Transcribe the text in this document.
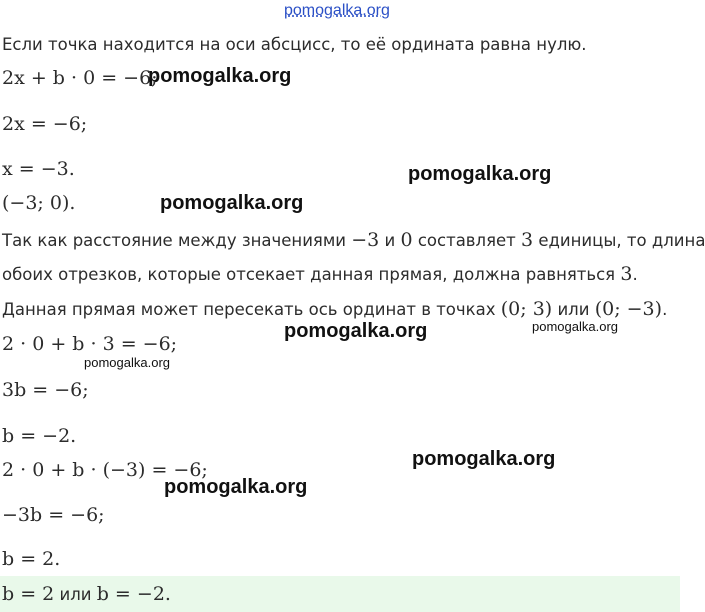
pomogalka.org
Если точка находится на оси абсцисс, то её ордината равна нулю.
2x + b · 0 = −6;
pomogalka.org
2x = −6;
x = −3.	pomogalka.org
(−3; 0).	pomogalka.org
Так как расстояние между значениями −3 и 0 составляет 3 единицы, то длина
обоих отрезков, которые отсекает данная прямая, должна равняться 3.
Данная прямая может пересекать ось ординат в точках (0; 3) или (0; −3).
pomogalka.org	pomogalka.org
2 · 0 + b · 3 = −6;
pomogalka.org
3b = −6;
b = −2.
pomogalka.org
2 · 0 + b · (−3) = −6;
pomogalka.org
−3b = −6;
b = 2.
b = 2 или b = −2.
